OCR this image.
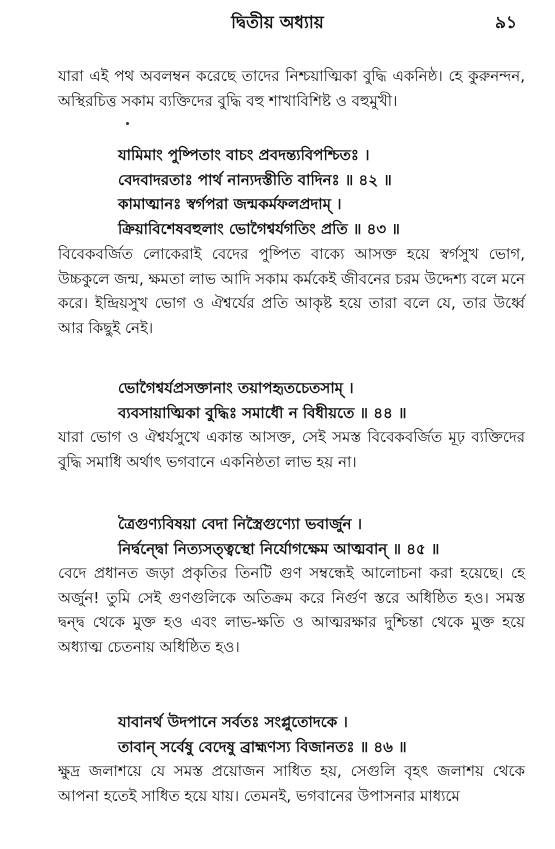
দ্বিতীয় অধ্যায়	৯১

যারা এই পথ অবলম্বন করেছে তাদের নিশ্চয়াত্মিকা বুদ্ধি একনিষ্ঠ। হে কুরুনন্দন, অস্থিরচিত্ত সকাম ব্যক্তিদের বুদ্ধি বহু শাখাবিশিষ্ট ও বহুমুখী।

যামিমাং পুষ্পিতাং বাচং প্রবদন্ত্যবিপশ্চিতঃ ।
বেদবাদরতাঃ পার্থ নান্যদস্তীতি বাদিনঃ ॥ ৪২ ॥
কামাত্মানঃ স্বর্গপরা জন্মকর্মফলপ্রদাম্ ।
ক্রিয়াবিশেষবহুলাং ভোগৈশ্বর্যগতিং প্রতি ॥ ৪৩ ॥

বিবেকবর্জিত লোকেরাই বেদের পুষ্পিত বাক্যে আসক্ত হয়ে স্বর্গসুখ ভোগ, উচ্চকুলে জন্ম, ক্ষমতা লাভ আদি সকাম কর্মকেই জীবনের চরম উদ্দেশ্য বলে মনে করে। ইন্দ্রিয়সুখ ভোগ ও ঐশ্বর্যের প্রতি আকৃষ্ট হয়ে তারা বলে যে, তার উর্ধ্বে আর কিছুই নেই।

ভোগৈশ্বর্যপ্রসক্তানাং তয়াপহৃতচেতসাম্ ।
ব্যবসায়াত্মিকা বুদ্ধিঃ সমাধৌ ন বিধীয়তে ॥ ৪৪ ॥

যারা ভোগ ও ঐশ্বর্যসুখে একান্ত আসক্ত, সেই সমস্ত বিবেকবর্জিত মূঢ় ব্যক্তিদের বুদ্ধি সমাধি অর্থাৎ ভগবানে একনিষ্ঠতা লাভ হয় না।

ত্রৈগুণ্যবিষয়া বেদা নিস্ত্রৈগুণ্যো ভবার্জুন ।
নির্দ্বন্দ্বো নিত্যসত্ত্বস্থো নির্যোগক্ষেম আত্মবান্ ॥ ৪৫ ॥

বেদে প্রধানত জড়া প্রকৃতির তিনটি গুণ সম্বন্ধেই আলোচনা করা হয়েছে। হে অর্জুন! তুমি সেই গুণগুলিকে অতিক্রম করে নির্গুণ স্তরে অধিষ্ঠিত হও। সমস্ত দ্বন্দ্ব থেকে মুক্ত হও এবং লাভ-ক্ষতি ও আত্মরক্ষার দুশ্চিন্তা থেকে মুক্ত হয়ে অধ্যাত্ম চেতনায় অধিষ্ঠিত হও।

যাবানর্থ উদপানে সর্বতঃ সংপ্লুতোদকে ।
তাবান্ সর্বেষু বেদেষু ব্রাহ্মণস্য বিজানতঃ ॥ ৪৬ ॥

ক্ষুদ্র জলাশয়ে যে সমস্ত প্রয়োজন সাধিত হয়, সেগুলি বৃহৎ জলাশয় থেকে আপনা হতেই সাধিত হয়ে যায়। তেমনই, ভগবানের উপাসনার মাধ্যমে
